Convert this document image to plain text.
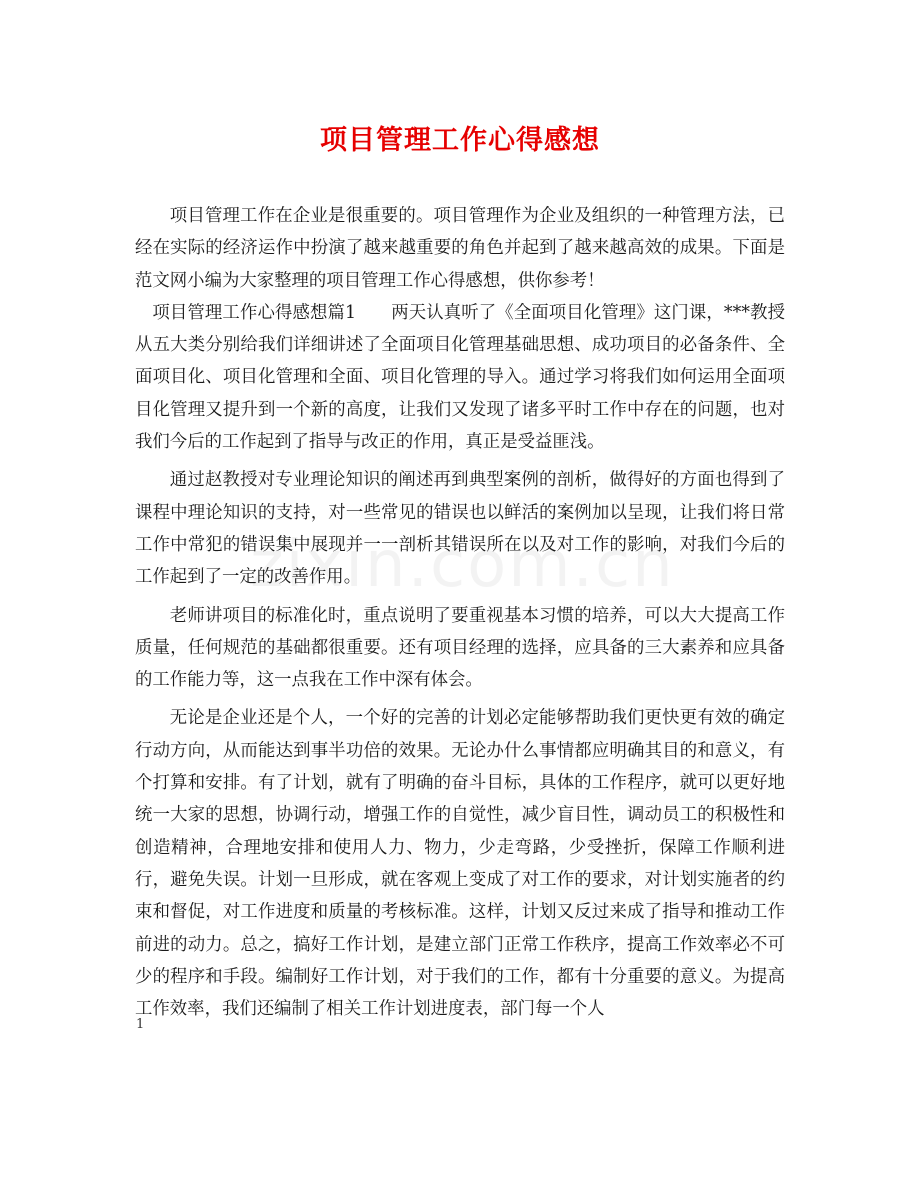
项目管理工作心得感想

项目管理工作在企业是很重要的。项目管理作为企业及组织的一种管理方法，已经在实际的经济运作中扮演了越来越重要的角色并起到了越来越高效的成果。下面是范文网小编为大家整理的项目管理工作心得感想，供你参考！

项目管理工作心得感想篇1　　两天认真听了《全面项目化管理》这门课，***教授从五大类分别给我们详细讲述了全面项目化管理基础思想、成功项目的必备条件、全面项目化、项目化管理和全面、项目化管理的导入。通过学习将我们如何运用全面项目化管理又提升到一个新的高度，让我们又发现了诸多平时工作中存在的问题，也对我们今后的工作起到了指导与改正的作用，真正是受益匪浅。

通过赵教授对专业理论知识的阐述再到典型案例的剖析，做得好的方面也得到了课程中理论知识的支持，对一些常见的错误也以鲜活的案例加以呈现，让我们将日常工作中常犯的错误集中展现并一一剖析其错误所在以及对工作的影响，对我们今后的工作起到了一定的改善作用。

老师讲项目的标准化时，重点说明了要重视基本习惯的培养，可以大大提高工作质量，任何规范的基础都很重要。还有项目经理的选择，应具备的三大素养和应具备的工作能力等，这一点我在工作中深有体会。

无论是企业还是个人，一个好的完善的计划必定能够帮助我们更快更有效的确定行动方向，从而能达到事半功倍的效果。无论办什么事情都应明确其目的和意义，有个打算和安排。有了计划，就有了明确的奋斗目标，具体的工作程序，就可以更好地统一大家的思想，协调行动，增强工作的自觉性，减少盲目性，调动员工的积极性和创造精神，合理地安排和使用人力、物力，少走弯路，少受挫折，保障工作顺利进行，避免失误。计划一旦形成，就在客观上变成了对工作的要求，对计划实施者的约束和督促，对工作进度和质量的考核标准。这样，计划又反过来成了指导和推动工作前进的动力。总之，搞好工作计划，是建立部门正常工作秩序，提高工作效率必不可少的程序和手段。编制好工作计划，对于我们的工作，都有十分重要的意义。为提高工作效率，我们还编制了相关工作计划进度表，部门每一个人

1
